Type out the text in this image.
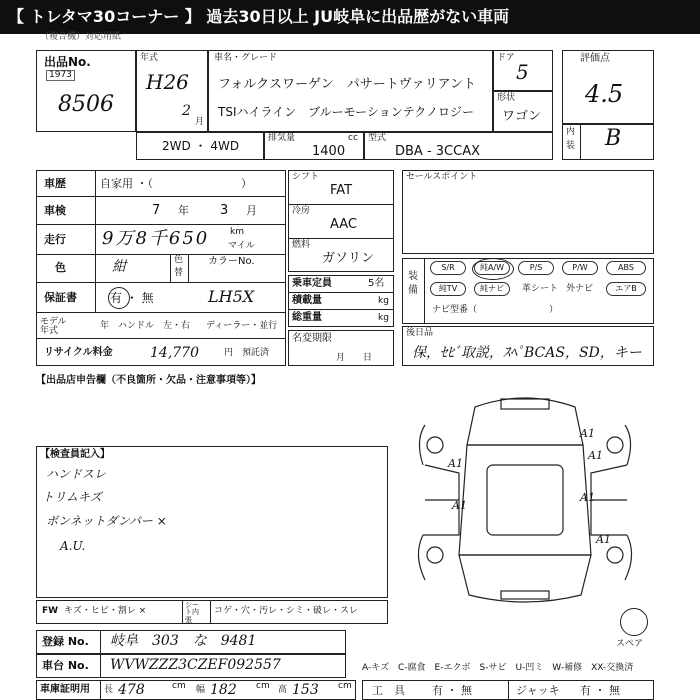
【 トレタマ30コーナー 】 過去30日以上 JU岐阜に出品歴がない車両
（複合機）対応用紙
出品No.
1973
8506
年式
H26
2
月
車名・グレード
フォルクスワーゲン　パサートヴァリアント
TSIハイライン　ブルーモーションテクノロジー
ドア
5
形状
ワゴン
評価点
4.5
内
装 B
2WD ・ 4WD
排気量	cc
1400
型式
DBA - 3CCAX
車歴	自家用 ・（　　　　　　　　）
車検	7 年 3 月
走行 9万8千650 km
マイル
色	紺	色
替
カラーNo.
保証書	有 ・ 無	LH5X
モデル年式
年　ハンドル　左・右 ディーラー・並行
リサイクル料金	14,770	円　預託済
シフト
FAT
冷房
AAC
燃料
ガソリン
乗車定員	5名
積載量	kg
総重量	kg
名変期限
月　　日
セールスポイント
装備
S/R	純A/W	P/S	P/W	ABS
純TV	純ナビ	革シート 外ナビ	エアB
ナビ型番（　　　　　　　　）
後日品
保，ｾﾋﾞ取説，ｽﾍﾟBCAS，SD，キー
【出品店申告欄（不良箇所・欠品・注意事項等）】
【検査員記入】
ハンドスレ
トリムキズ
ボンネットダンパー ×
A.U.
A1
A1
A1
A1
A1
A1
スペア
FW キズ・ヒビ・割レ ×
シート内張
コゲ・穴・汚レ・シミ・破レ・スレ
登録 No. 岐阜　303　な　9481
車台 No. WVWZZZ3CZEF092557	A-キズ　C-腐食　E-エクボ　S-サビ　U-凹ミ　W-補修　XX-交換済
車庫証明用 長 478	cm 幅 182 cm 高 153 cm 工　具 有 ・ 無	ジャッキ 有 ・ 無
